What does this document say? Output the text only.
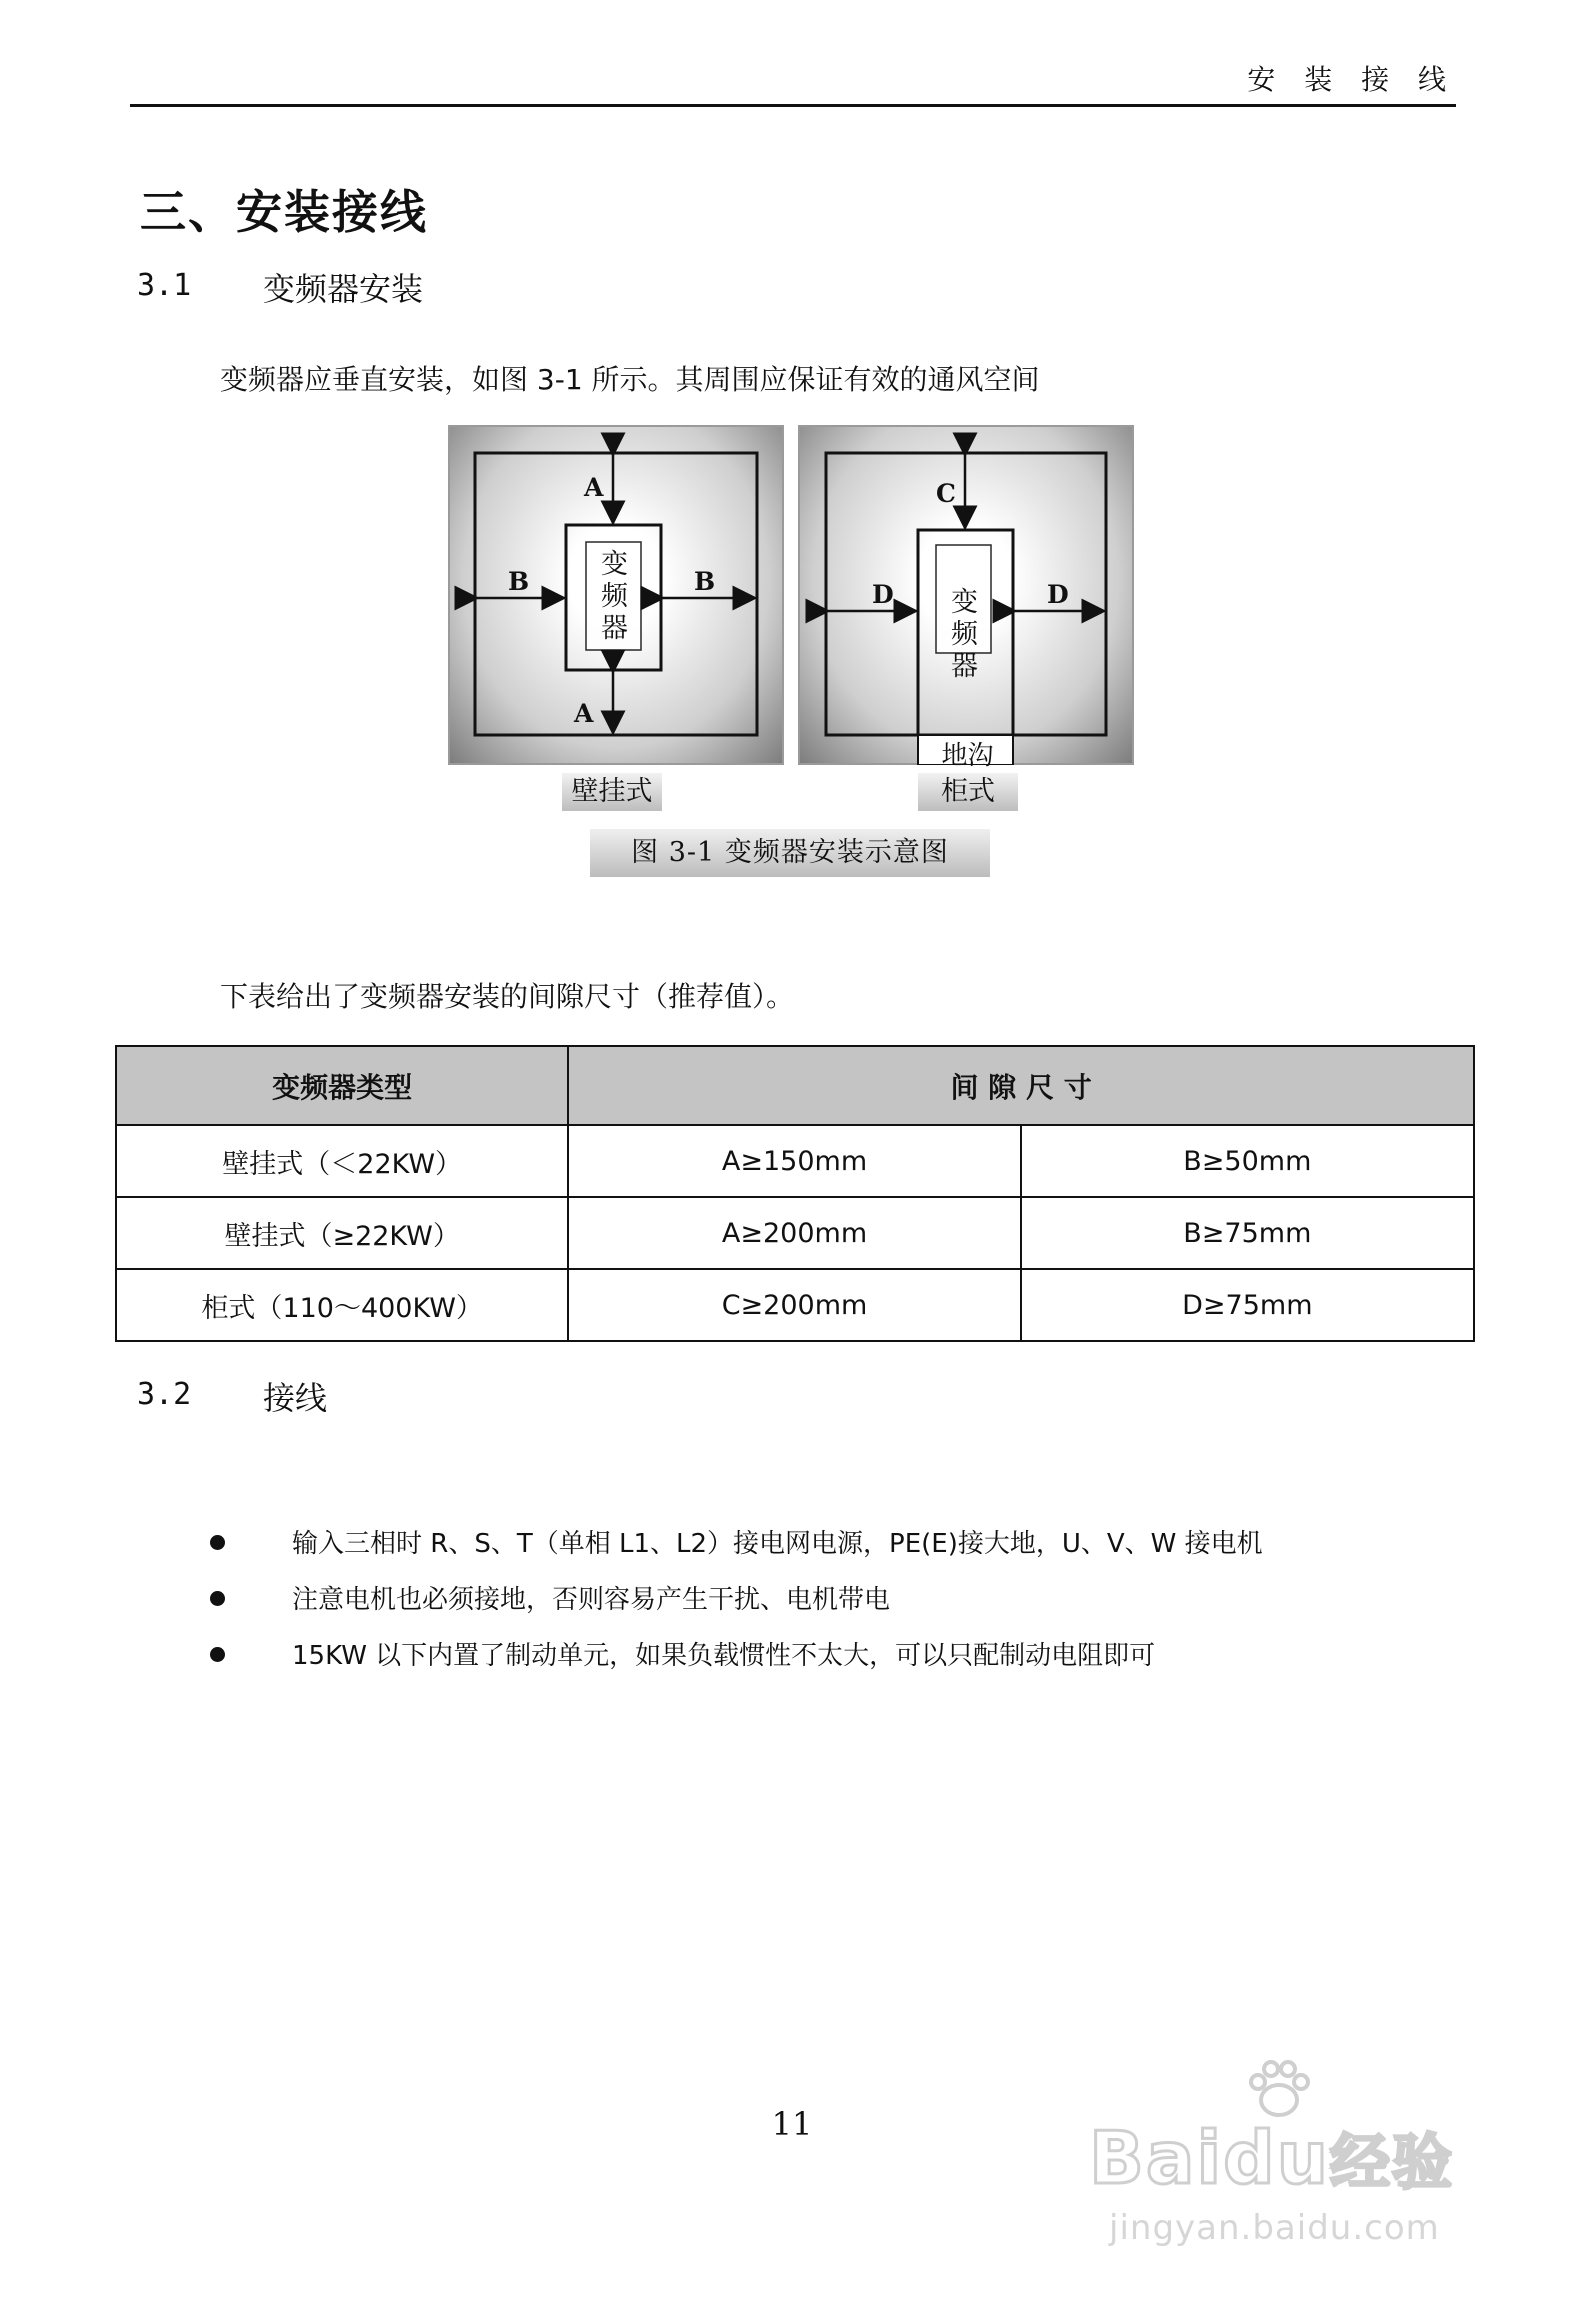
安 装 接 线
三、安装接线
3.1 变频器安装
变频器应垂直安装，如图 3-1 所示。其周围应保证有效的通风空间
变
频
器
A
A
B	B
壁挂式
变
频
器
C
D	D
地沟
柜式
图 3-1 变频器安装示意图
下表给出了变频器安装的间隙尺寸（推荐值）。
变频器类型	间 隙 尺 寸	
壁挂式（＜22KW）	A≥150mm	B≥50mm
壁挂式（≥22KW）	A≥200mm	B≥75mm
柜式（110～400KW）	C≥200mm	D≥75mm
3.2 接线
输入三相时 R、S、T（单相 L1、L2）接电网电源，PE(E)接大地，U、V、W 接电机
注意电机也必须接地，否则容易产生干扰、电机带电
15KW 以下内置了制动单元，如果负载惯性不太大，可以只配制动电阻即可
11	Baidu经验
jingyan.baidu.com
